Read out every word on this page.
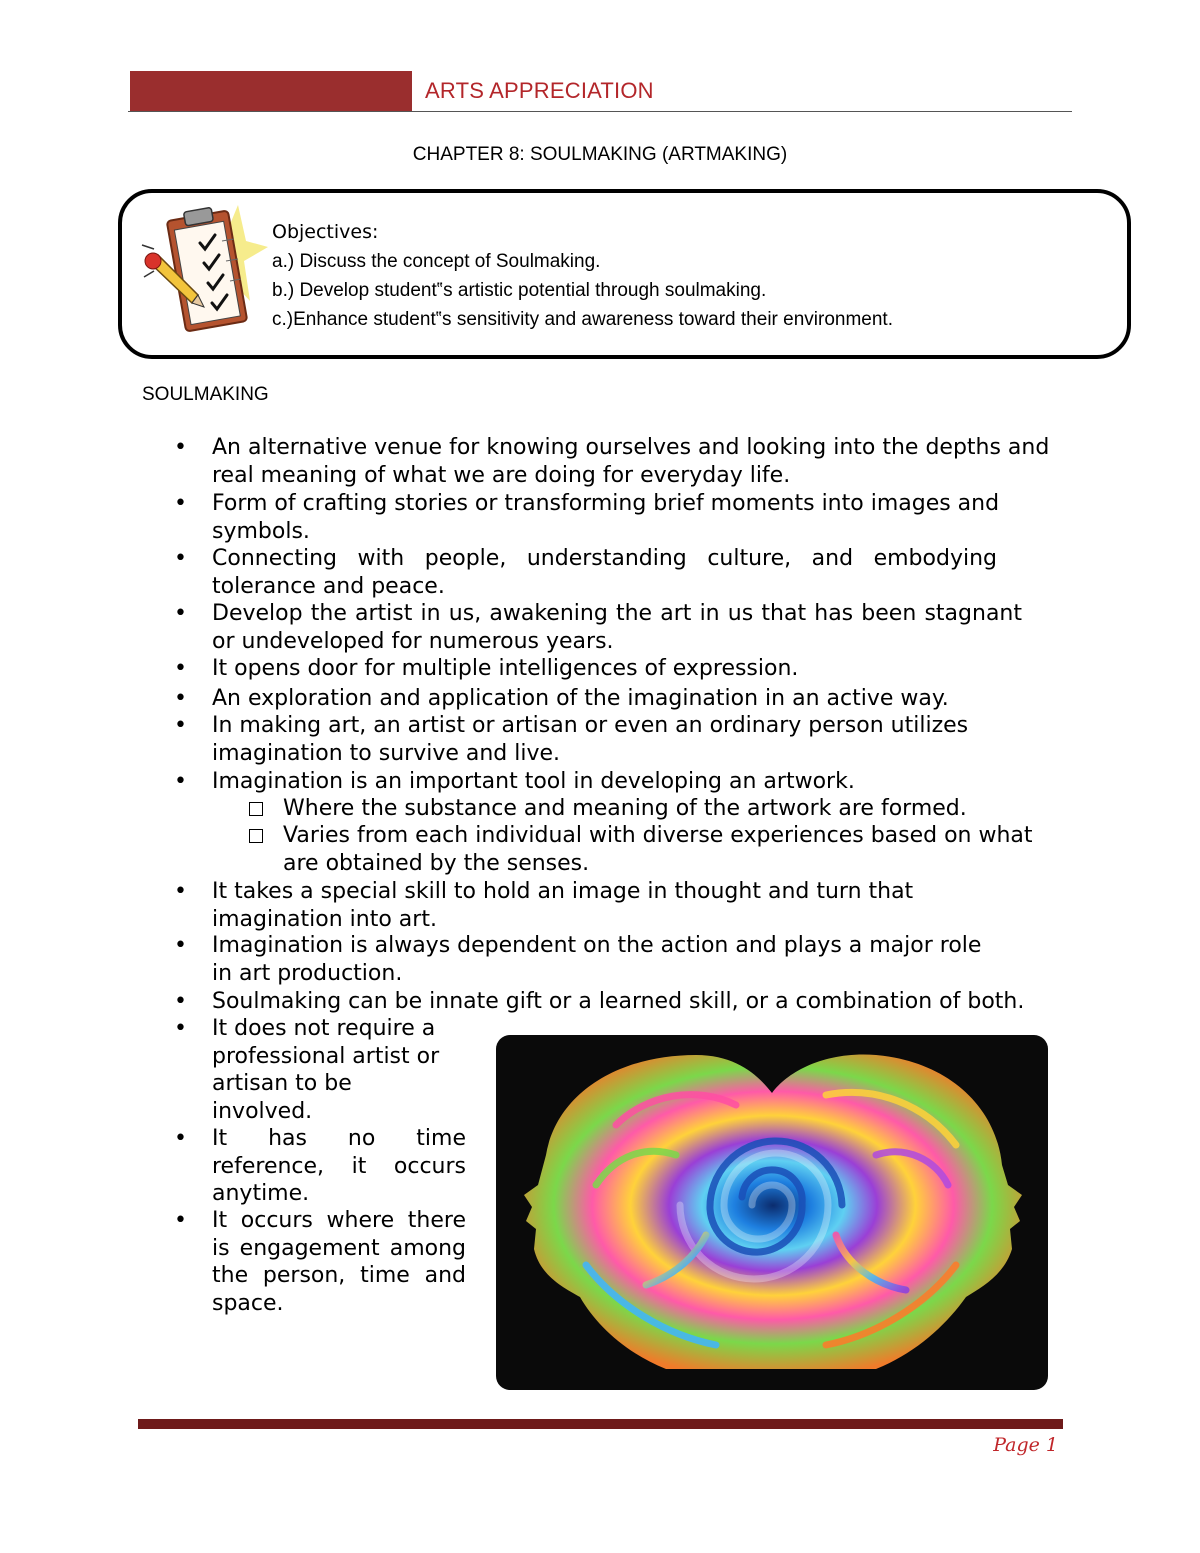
ARTS APPRECIATION
CHAPTER 8: SOULMAKING (ARTMAKING)
Objectives:
a.) Discuss the concept of Soulmaking.
b.) Develop student‟s artistic potential through soulmaking.
c.)Enhance student‟s sensitivity and awareness toward their environment.
SOULMAKING
• An alternative venue for knowing ourselves and looking into the depths and real meaning of what we are doing for everyday life.
• Form of crafting stories or transforming brief moments into images and symbols.
• Connecting with people, understanding culture, and embodying tolerance and peace.
• Develop the artist in us, awakening the art in us that has been stagnant or undeveloped for numerous years.
• It opens door for multiple intelligences of expression.
• An exploration and application of the imagination in an active way.
• In making art, an artist or artisan or even an ordinary person utilizes imagination to survive and live.
• Imagination is an important tool in developing an artwork.
Where the substance and meaning of the artwork are formed.
Varies from each individual with diverse experiences based on what are obtained by the senses.
• It takes a special skill to hold an image in thought and turn that imagination into art.
• Imagination is always dependent on the action and plays a major role in art production.
• Soulmaking can be innate gift or a learned skill, or a combination of both.
• It does not require a professional artist or artisan to be involved.
• It has no time reference, it occurs anytime.
• It occurs where there is engagement among the person, time and space.
Page 1
